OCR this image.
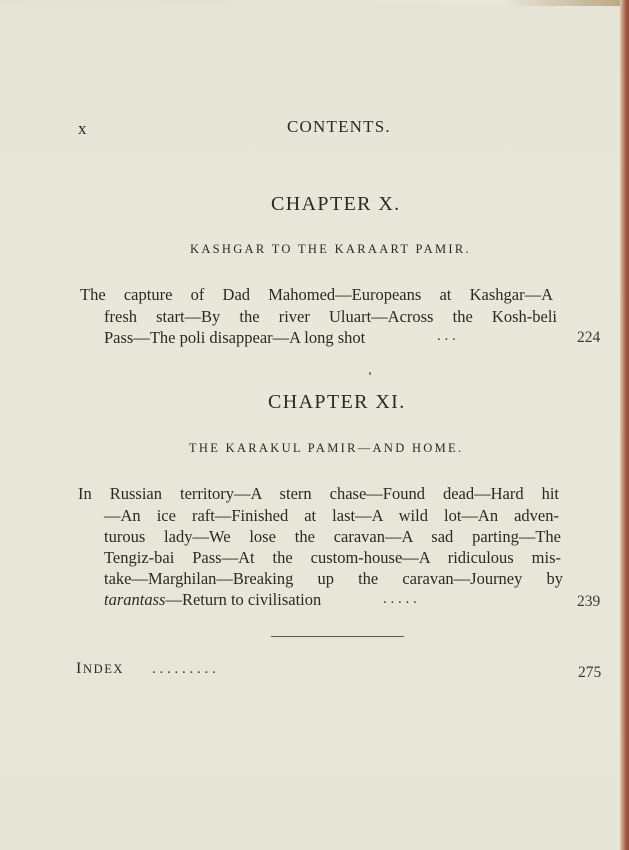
x	CONTENTS.
CHAPTER X.
KASHGAR TO THE KARAART PAMIR.
The capture of Dad Mahomed—Europeans at Kashgar—A
fresh start—By the river Uluart—Across the Kosh-beli
Pass—The poli disappear—A long shot	. . .	224
CHAPTER XI.
THE KARAKUL PAMIR—AND HOME.
In Russian territory—A stern chase—Found dead—Hard hit
—An ice raft—Finished at last—A wild lot—An adven-
turous lady—We lose the caravan—A sad parting—The
Tengiz-bai Pass—At the custom-house—A ridiculous mis-
take—Marghilan—Breaking up the caravan—Journey by
tarantass—Return to civilisation	. . . . .	239
INDEX . . . . . . . . .	275
